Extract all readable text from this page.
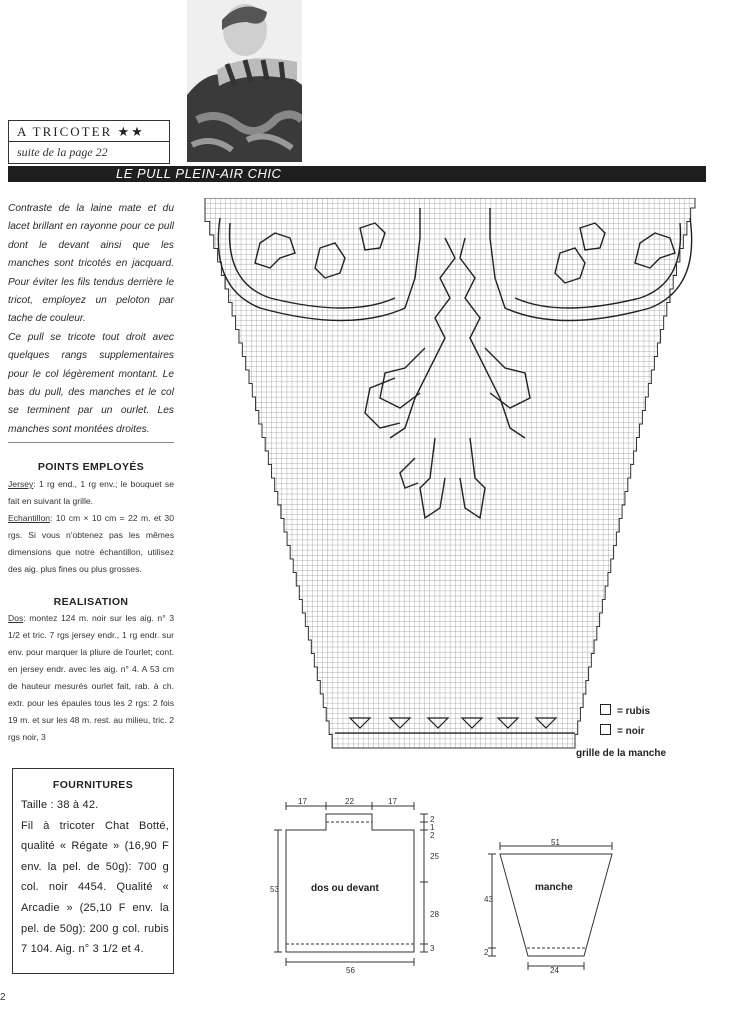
A TRICOTER ★★
suite de la page 22
LE PULL PLEIN-AIR CHIC

Contraste de la laine mate et du lacet brillant en rayonne pour ce pull dont le devant ainsi que les manches sont tricotés en jacquard. Pour éviter les fils tendus derrière le tricot, employez un peloton par tache de couleur.

Ce pull se tricote tout droit avec quelques rangs supplementaires pour le col légèrement montant. Le bas du pull, des manches et le col se terminent par un ourlet. Les manches sont montées droites.

POINTS EMPLOYÉS
Jersey: 1 rg end., 1 rg env.; le bouquet se fait en suivant la grille.
Echantillon: 10 cm × 10 cm = 22 m. et 30 rgs. Si vous n'obtenez pas les mêmes dimensions que notre échantillon, utilisez des aig. plus fines ou plus grosses.
REALISATION
Dos: montez 124 m. noir sur les aig. n° 3 1/2 et tric. 7 rgs jersey endr., 1 rg endr. sur env. pour marquer la pliure de l'ourlet; cont. en jersey endr. avec les aig. n° 4. A 53 cm de hauteur mesurés ourlet fait, rab. à ch. extr. pour les épaules tous les 2 rgs: 2 fois 19 m. et sur les 48 m. rest. au milieu, tric. 2 rgs noir, 3
FOURNITURES

Taille : 38 à 42.

Fil à tricoter Chat Botté, qualité « Régate » (16,90 F env. la pel. de 50g): 700 g col. noir 4454. Qualité « Arcadie » (25,10 F env. la pel. de 50g): 200 g col. rubis 7 104. Aig. n° 3 1/2 et 4.

2
= rubis
= noir
grille de la manche
17	22	17
2
1
2
25
28
3
53
56
dos ou devant
51
43
2
24
manche
